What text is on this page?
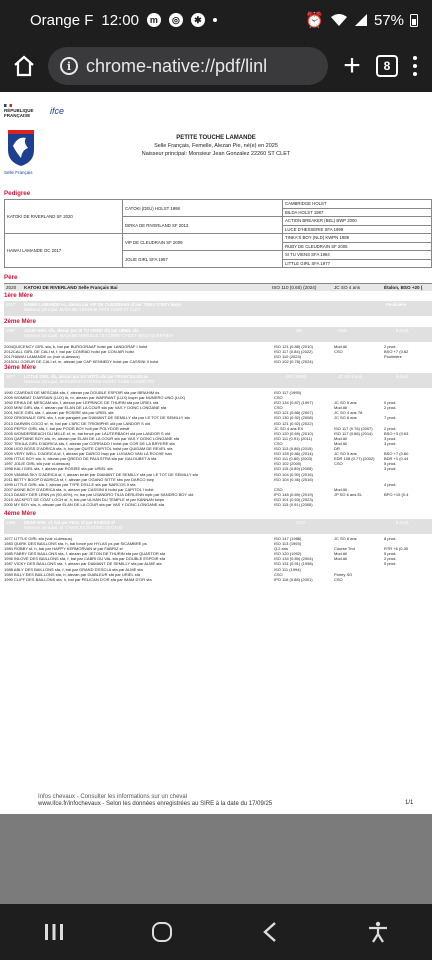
Orange F 12:00	m	◎	✱	⏰	57%
i chrome-native://pdf/linl	+	8
RÉPUBLIQUE FRANÇAISE	ifce
Selle Français
PETITE TOUCHE LAMANDE
Selle Français, Femelle, Alezan Pie, né(e) en 2025
Naisseur principal: Monsieur Jean Gonzalez 22260 ST CLET
Pedigree
KATOKI DE RIVERLAND SF 2020	CATOKI (DEU) HOLST 1998	CAMBRIDGE HOLST
		BILDA HOLST 1987
	DIRKA DE RIVERLAND SF 2013	ACTION BREAKER (BEL) BWP 2000
		LUCE D'HESSERIE SFA 1999
HAWAI LAMANDE OC 2017	VIP DE CLEUDRAIN SF 2009	TINKA'S BOY (NLD) KWPN 1989
		RUBY DE CLEUDRAIN SF 2005
	JOLIE GIRL SFA 1997	SI TU VIENS SFA 1984
		LITTLE GIRL SFA 1977
Père
2020	KATOKI DE RIVERLAND Selle Français Bai	ISO 110 (0.60) (2024)	JC SO 4 ans	Étalon, BSO +20 (
1ère Mère
2017	HAWAI LAMANDE oc, alezan par VIP DE CLEUDRAIN sf par TINKA'S BOY kwpn
Naisseur principal: MADAME VIRGINIE PAYS 22260 ST CLET
Poulinière
2ème Mère
1997	JOLIE GIRL sfa, alezan par SI TU VIENS sfa par URIEL sfa
Naisseur principal: MADAME MIREILLE LE CORRE CADOT 29310 QUERRIEN
DR	CSO	5 prod.
2004QUICENCY GIRL sfa, b, bai par BURGGRAAF holst par LANDGRAF I holst	ISO 121 (0.88) (2010)	Mod All	2 prod.
2012CALL GIRL DE CALI sf, f, bai par CONRAD holst par CON AIR holst	ISO 117 (0.84) (2022)	CSO	BSO +7 (0.62
2017HAWAI LAMANDE oc (voir ci-dessus)	ISO 110 (2024)	Poulinière
2015OLI COEUR DE CALI sf, m, alezan par CAP KENNEDY holst par CASSINI II holst	ISO 102 (0.78) (2024)
3ème Mère
1977	LITTLE GIRL sfa, alezan par EX VOTO sfa par FRANCIULUS ps
Naisseur principal: MONSIEUR ETIENNE HURET 62360 CONDETTE
ISO (1988)	JC SO 6 ans	8 prod.
1990 CZARDAS DE MESCAM sfa, f, alezan par DOUBLE ESPOIR sfa par IBRAHIM ds	ISO 117 (1995)
2009 WOMBAT D'AIRSAIN (LUX) lb, m, alezan par WARRANT (LUX) kwpn par NUMERO UNO (LUX)	CSO
1992 ERIKA DE MESCAM sfa, f, alezan par LEPRINCE DE THURIN sfa par URIEL sfa	ISO 134 (0.87) (1997)	JC SO 5 ans	0 prod.
2000 MINI GIRL sfa, f, alezan par ELAN DE LA COUR sfa par VAS Y DONC LONGANE sfa	CSO	Mod All	2 prod.
2001 NICE GIRL sfa, f, alezan par ROSIRE sfa par URIEL sfa	ISO 121 (0.88) (2007)	JC SO 4 ans T8
2002 ORIGINALE GIRL sfa, f, noir pangaré par DIAMANT DE SEMILLY sfa par LE TOT DE SEMILLY sfa	ISO 130 (0.92) (2008)	JC SO 6 ans	7 prod.
2013 DARWIN COCO sf, m, bai par L'ARC DE TRIOMPHE old par LANDOR S old	ISO 121 (0.92) (2022)
2003 PEPSY GIRL sfa, f, bai par POOR BOY holl par POLYDOR westf	JC SO 4 ans EX	ISO 117 (0.76) (2007)	2 prod.
2005 WONDERBEACH DU MILLE sf, m, bai foncé par LAUTERBACH old par LANDOR S old	ISO 120 (0.69) (2010)	ISO 117 (0.86) (2014)	BSO +3 (0.63
2004 QAPTAINE BOY sfa, m, alezan par ELAN DE LA COUR sfa par VAS Y DONC LONGANE sfa	ISO 111 (0.91) (2011)	Mod All	3 prod.
2007 TEKILA GIRL D'ADRICA sfa, f, alezan par CORRADO I holst par COR DE LA BRYERE sfa	CSO	Mod All	3 prod.
2008 UGO BOSS D'ADRICA sfa, h, bai par QUITE CAPITOL holst par QUIDAM DE REVEL sfa	ISO 113 (0.86) (2015)	DR
2009 VERY WELL D'ADRICA sf, f, alezan par DARCO bwp par LUGANO VAN LA ROCHE han	ISO 128 (0.86) (2014)	JC SO 5 ans	BSO +7 (0.60
1996 ITTLE BOY sfa, h, alezan par QREDO DE PAULSTRA sfa par GALOUBET A sfa	ISO 111 (0.80) (2003)	EDR 108 (0.77) (2002)	BDR +1 (0.44
1997 JOLIE GIRL sfa (voir ci-dessus)	ISO 102 (2000)	CSO	5 prod.
1998 KALI GIRL sfa, f, alezan par ROSIRE sfa par URIEL sfa	ISO 115 (0.89) (2005)	3 prod.
2009 VANINA SKY D'ADRICA sf, f, alezan brulé par DIAMANT DE SEMILLY sfa par LE TOT DE SEMILLY sfa	ISO 104 (0.90) (2016)
2011 BETTY BOOP D'ADRICA sf, f, alezan par OGANO SITTE sbs par DARCO bwp	ISO 104 (0.46) (2016)
1999 LITTLE GIRL sfa, f, alezan par TYPE D'ELLE sfa par NARCOS II sfa	4 prod.
2007 AKINE BOY D'ADRICA sfa, h, alezan par CASSINI II holst par CAPITOL I holst	CSO	Mod All
2013 DANDY DER LENN ph (90,40%), m, bai par USANDRO TILIA DERLENN wpb par SANDRO BOY old	IPO 148 (0.69) (2019)	JP SO 6 ans EL	BPO +19 (0.4
2015 JACKPOT DE COAT LOCH sf, h, bai par ULHAN DU TEMPLE sf par KANNAN kwpn	ISO 101 (0.63) (2023)
2000 MY BOY sfa, h, alezan par ELAN DE LA COUR sfa par VAS Y DONC LONGANE sfa	ISO 115 (0.91) (2005)
4ème Mère
1969	DEAR GIRL sf, bai par FEAL sf par KAIROS sf
Naisseur principal: M. CHARLES EUGENE DECAUX
CSO	8 prod.
1977 LITTLE GIRL sfa (voir ci-dessus)	ISO 147 (1988)	JC SO 6 ans	8 prod.
1983 QUIRK DES BAILLONS sfa, h, bai foncé par HYLAS ps par SICAMBRE ps	ISO 113 (1993)
1984 ROBBY sf, h, bai par HAPPY KERMORVAN sf par FABRIZ sf	Q.2 ans	Course Trot	RTR +6 (0.30
1985 FABRY DES BAILLONS sfa, f, alezan par JETON DE THURIN sfa par QUASTOR sfa	ISO 120 (1992)	Mod All	5 prod.
1996 INLOVE DES BAILLONS sfa, f, bai par CABRI DU VAL sfa par DOUBLE ESPOIR sfa	ISO 134 (0.89) (2004)	Mod All	2 prod.
1987 VICKY DES BAILLONS sfa, f, alezan par DIAMANT DE SEMILLY sfa par ALME sfa	ISO 131 (0.91) (1998)	5 prod.
1988 ABLY DES BAILLONS sfa, f, bai par GRAND D'ESCLA sfa par ALME sfa	ISO 111 (1994)
1989 BILLY DES BAILLONS sfa, h, alezan par DIABLEUR sfa par URIEL sfa	CSO	Poney SO
1990 CLIFF DES BAILLONS sfa, h, bai par PELICAN D'OR sfa par IMAM D'OR sfa	IPO 116 (0.88) (2001)	CSO
Infos chevaux - Consulter les informations sur un cheval
www.ifce.fr/infochevaux - Selon les données enregistrées au SIRE à la date du 17/09/25	1/1
